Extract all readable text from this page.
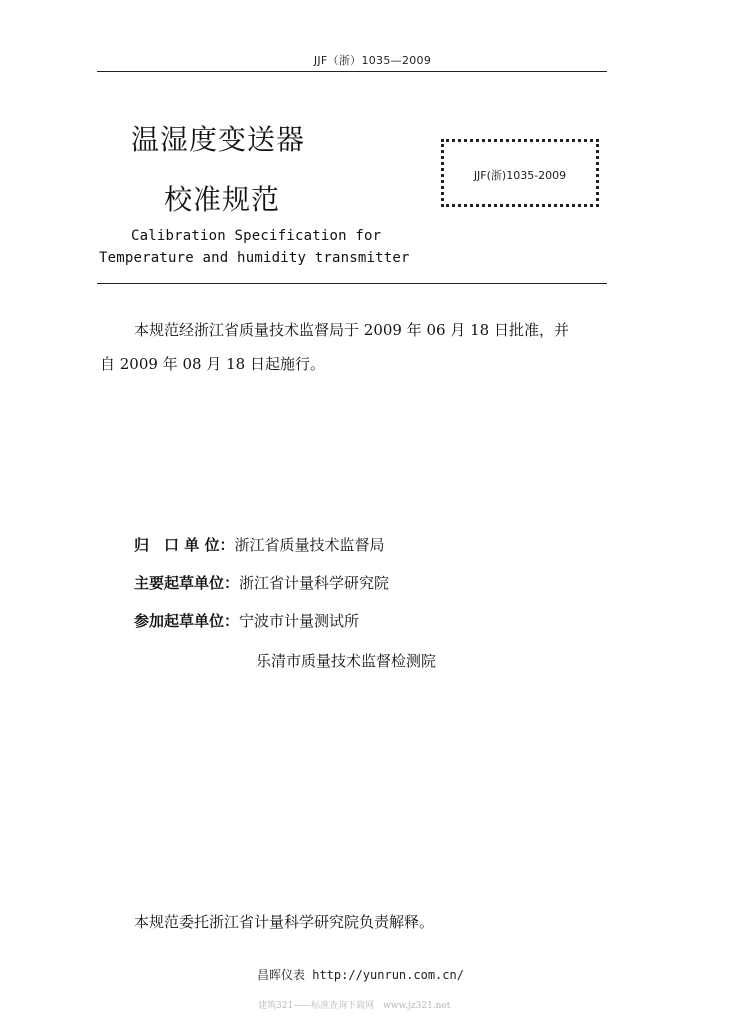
JJF（浙）1035—2009
温湿度变送器
校准规范
JJF(浙)1035-2009
Calibration Specification for
Temperature and humidity transmitter
本规范经浙江省质量技术监督局于 2009 年 06 月 18 日批准，并
自 2009 年 08 月 18 日起施行。
归　口 单 位：浙江省质量技术监督局
主要起草单位：浙江省计量科学研究院
参加起草单位：宁波市计量测试所
乐清市质量技术监督检测院
本规范委托浙江省计量科学研究院负责解释。
昌晖仪表 http://yunrun.com.cn/
建筑321——标准查询下载网　www.jz321.net
